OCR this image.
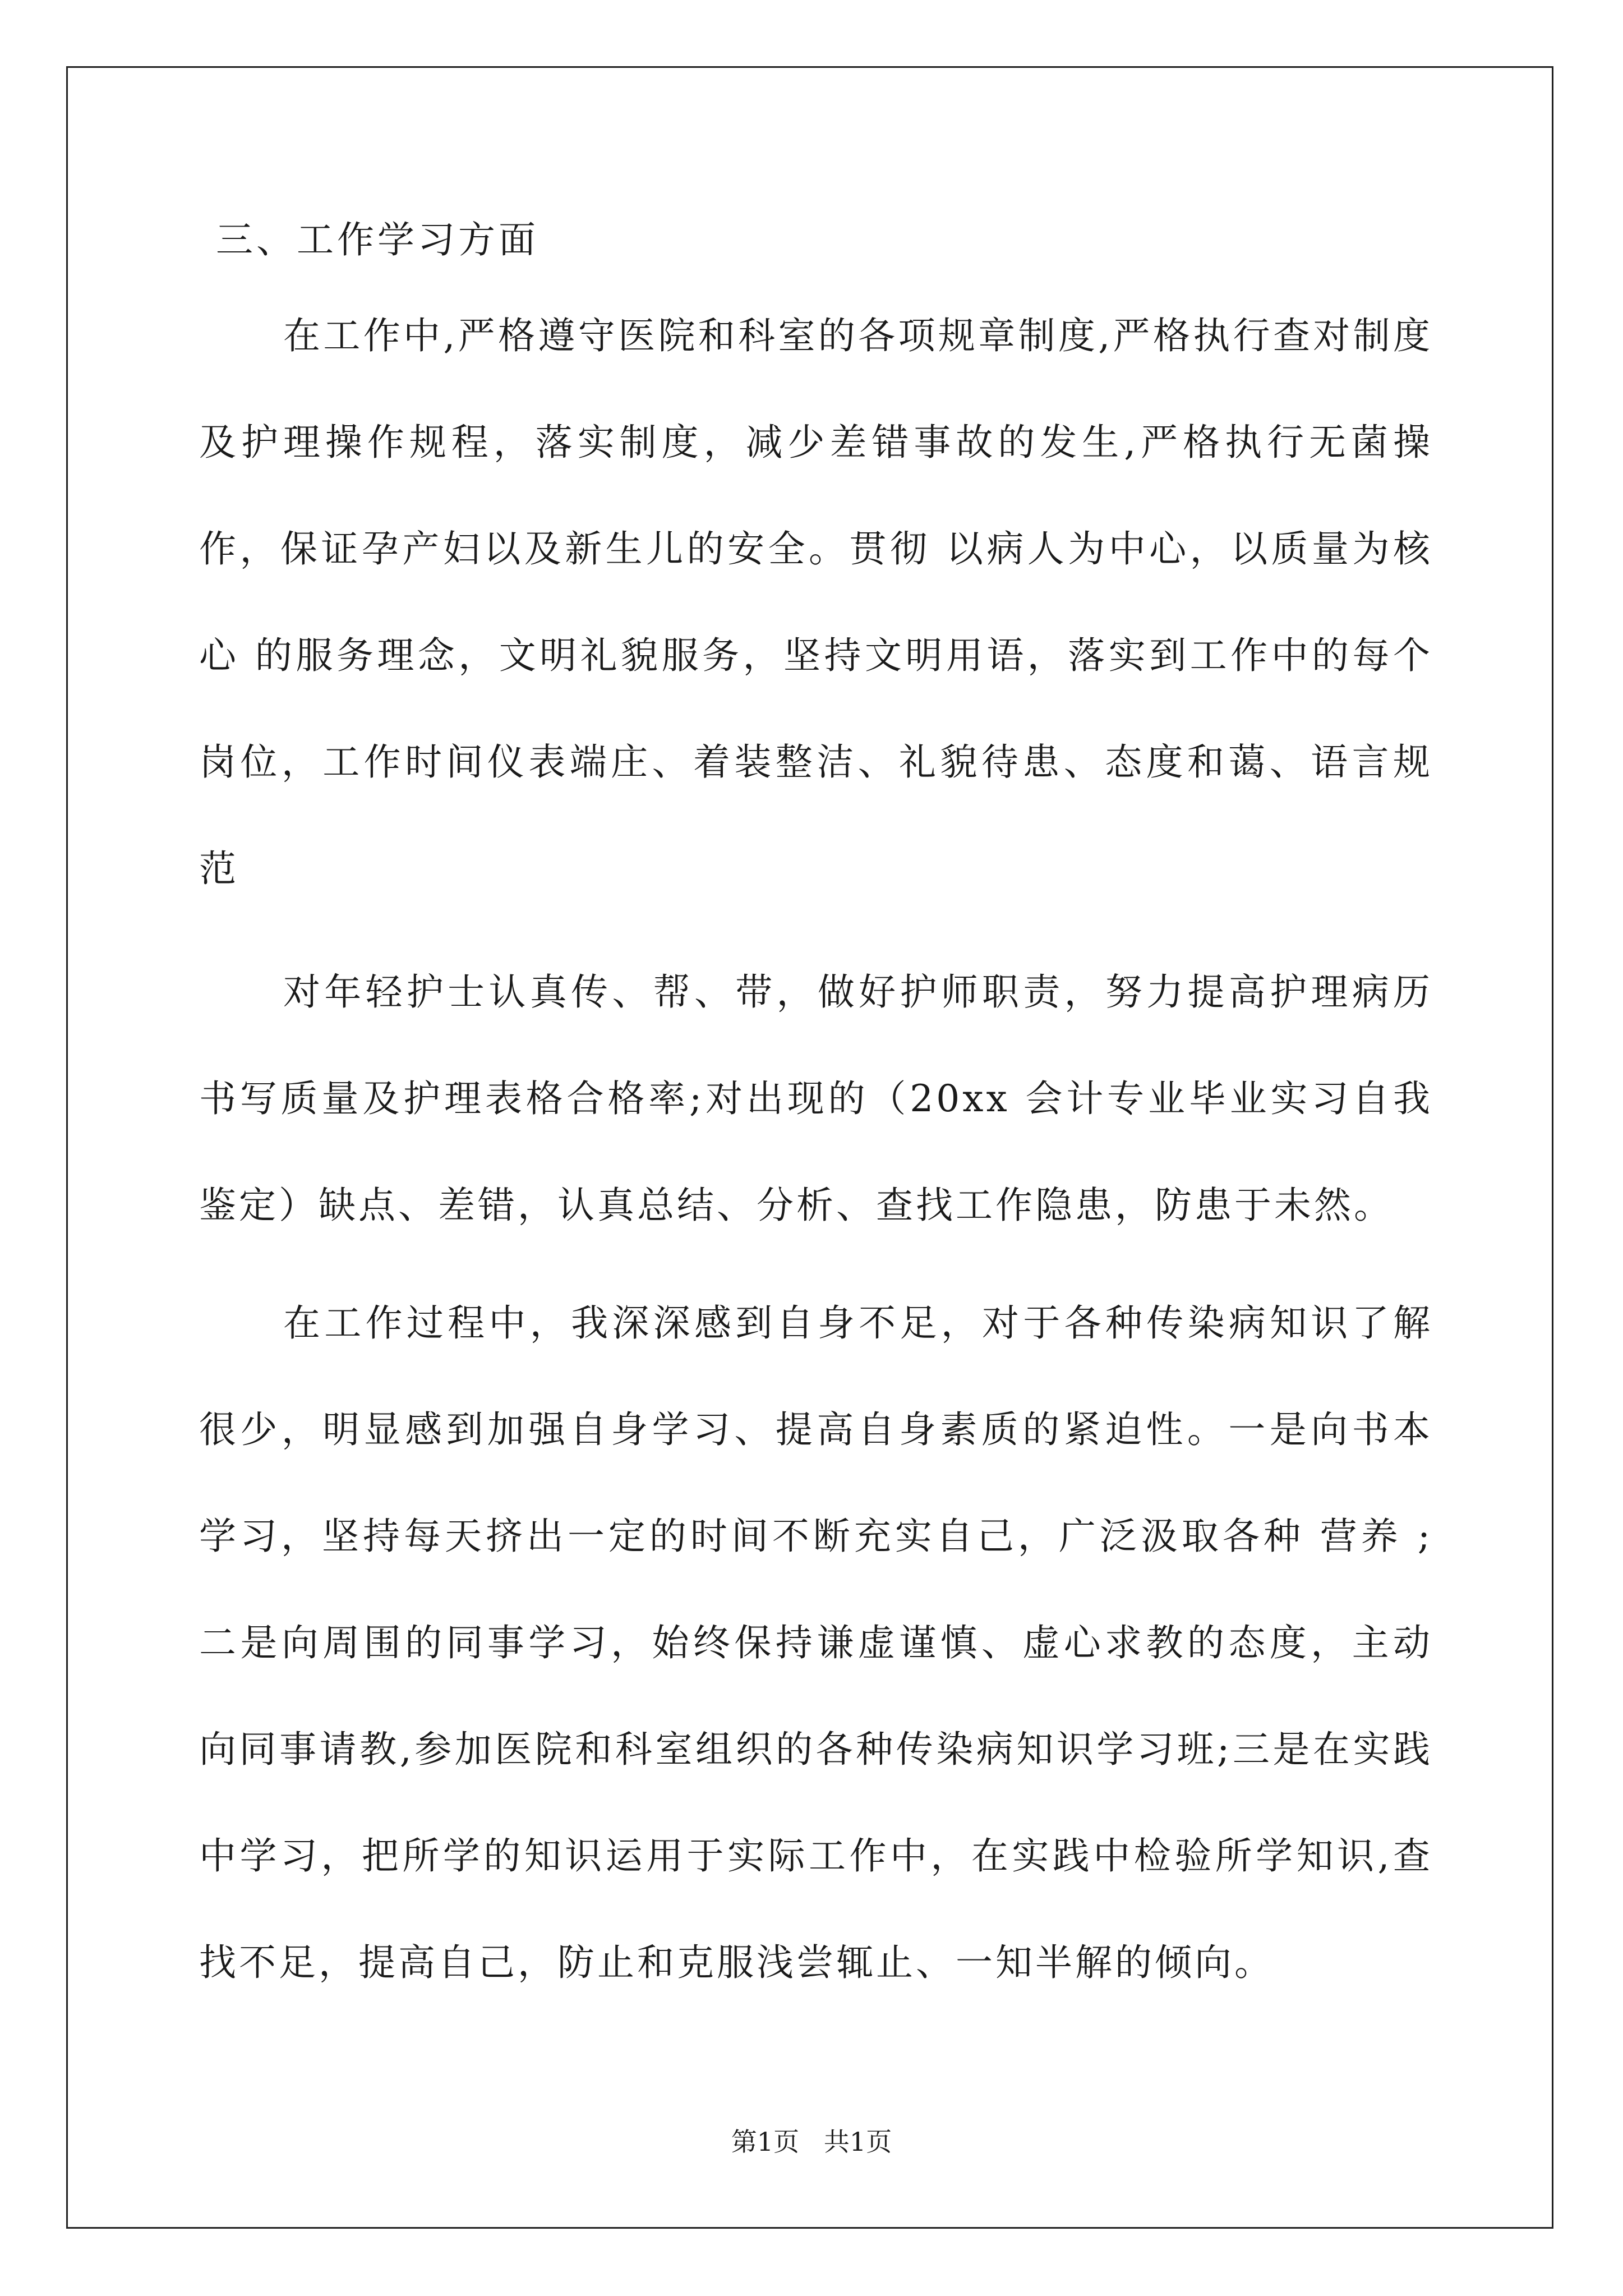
三、工作学习方面

在工作中,严格遵守医院和科室的各项规章制度,严格执行查对制度及护理操作规程，落实制度，减少差错事故的发生,严格执行无菌操作，保证孕产妇以及新生儿的安全。贯彻 以病人为中心，以质量为核心 的服务理念，文明礼貌服务，坚持文明用语，落实到工作中的每个岗位，工作时间仪表端庄、着装整洁、礼貌待患、态度和蔼、语言规范

对年轻护士认真传、帮、带，做好护师职责，努力提高护理病历书写质量及护理表格合格率;对出现的（20xx 会计专业毕业实习自我鉴定）缺点、差错，认真总结、分析、查找工作隐患，防患于未然。

在工作过程中，我深深感到自身不足，对于各种传染病知识了解很少，明显感到加强自身学习、提高自身素质的紧迫性。一是向书本学习，坚持每天挤出一定的时间不断充实自己，广泛汲取各种 营养 ;二是向周围的同事学习，始终保持谦虚谨慎、虚心求教的态度，主动向同事请教,参加医院和科室组织的各种传染病知识学习班;三是在实践中学习，把所学的知识运用于实际工作中，在实践中检验所学知识,查找不足，提高自己，防止和克服浅尝辄止、一知半解的倾向。

第1页   共1页
